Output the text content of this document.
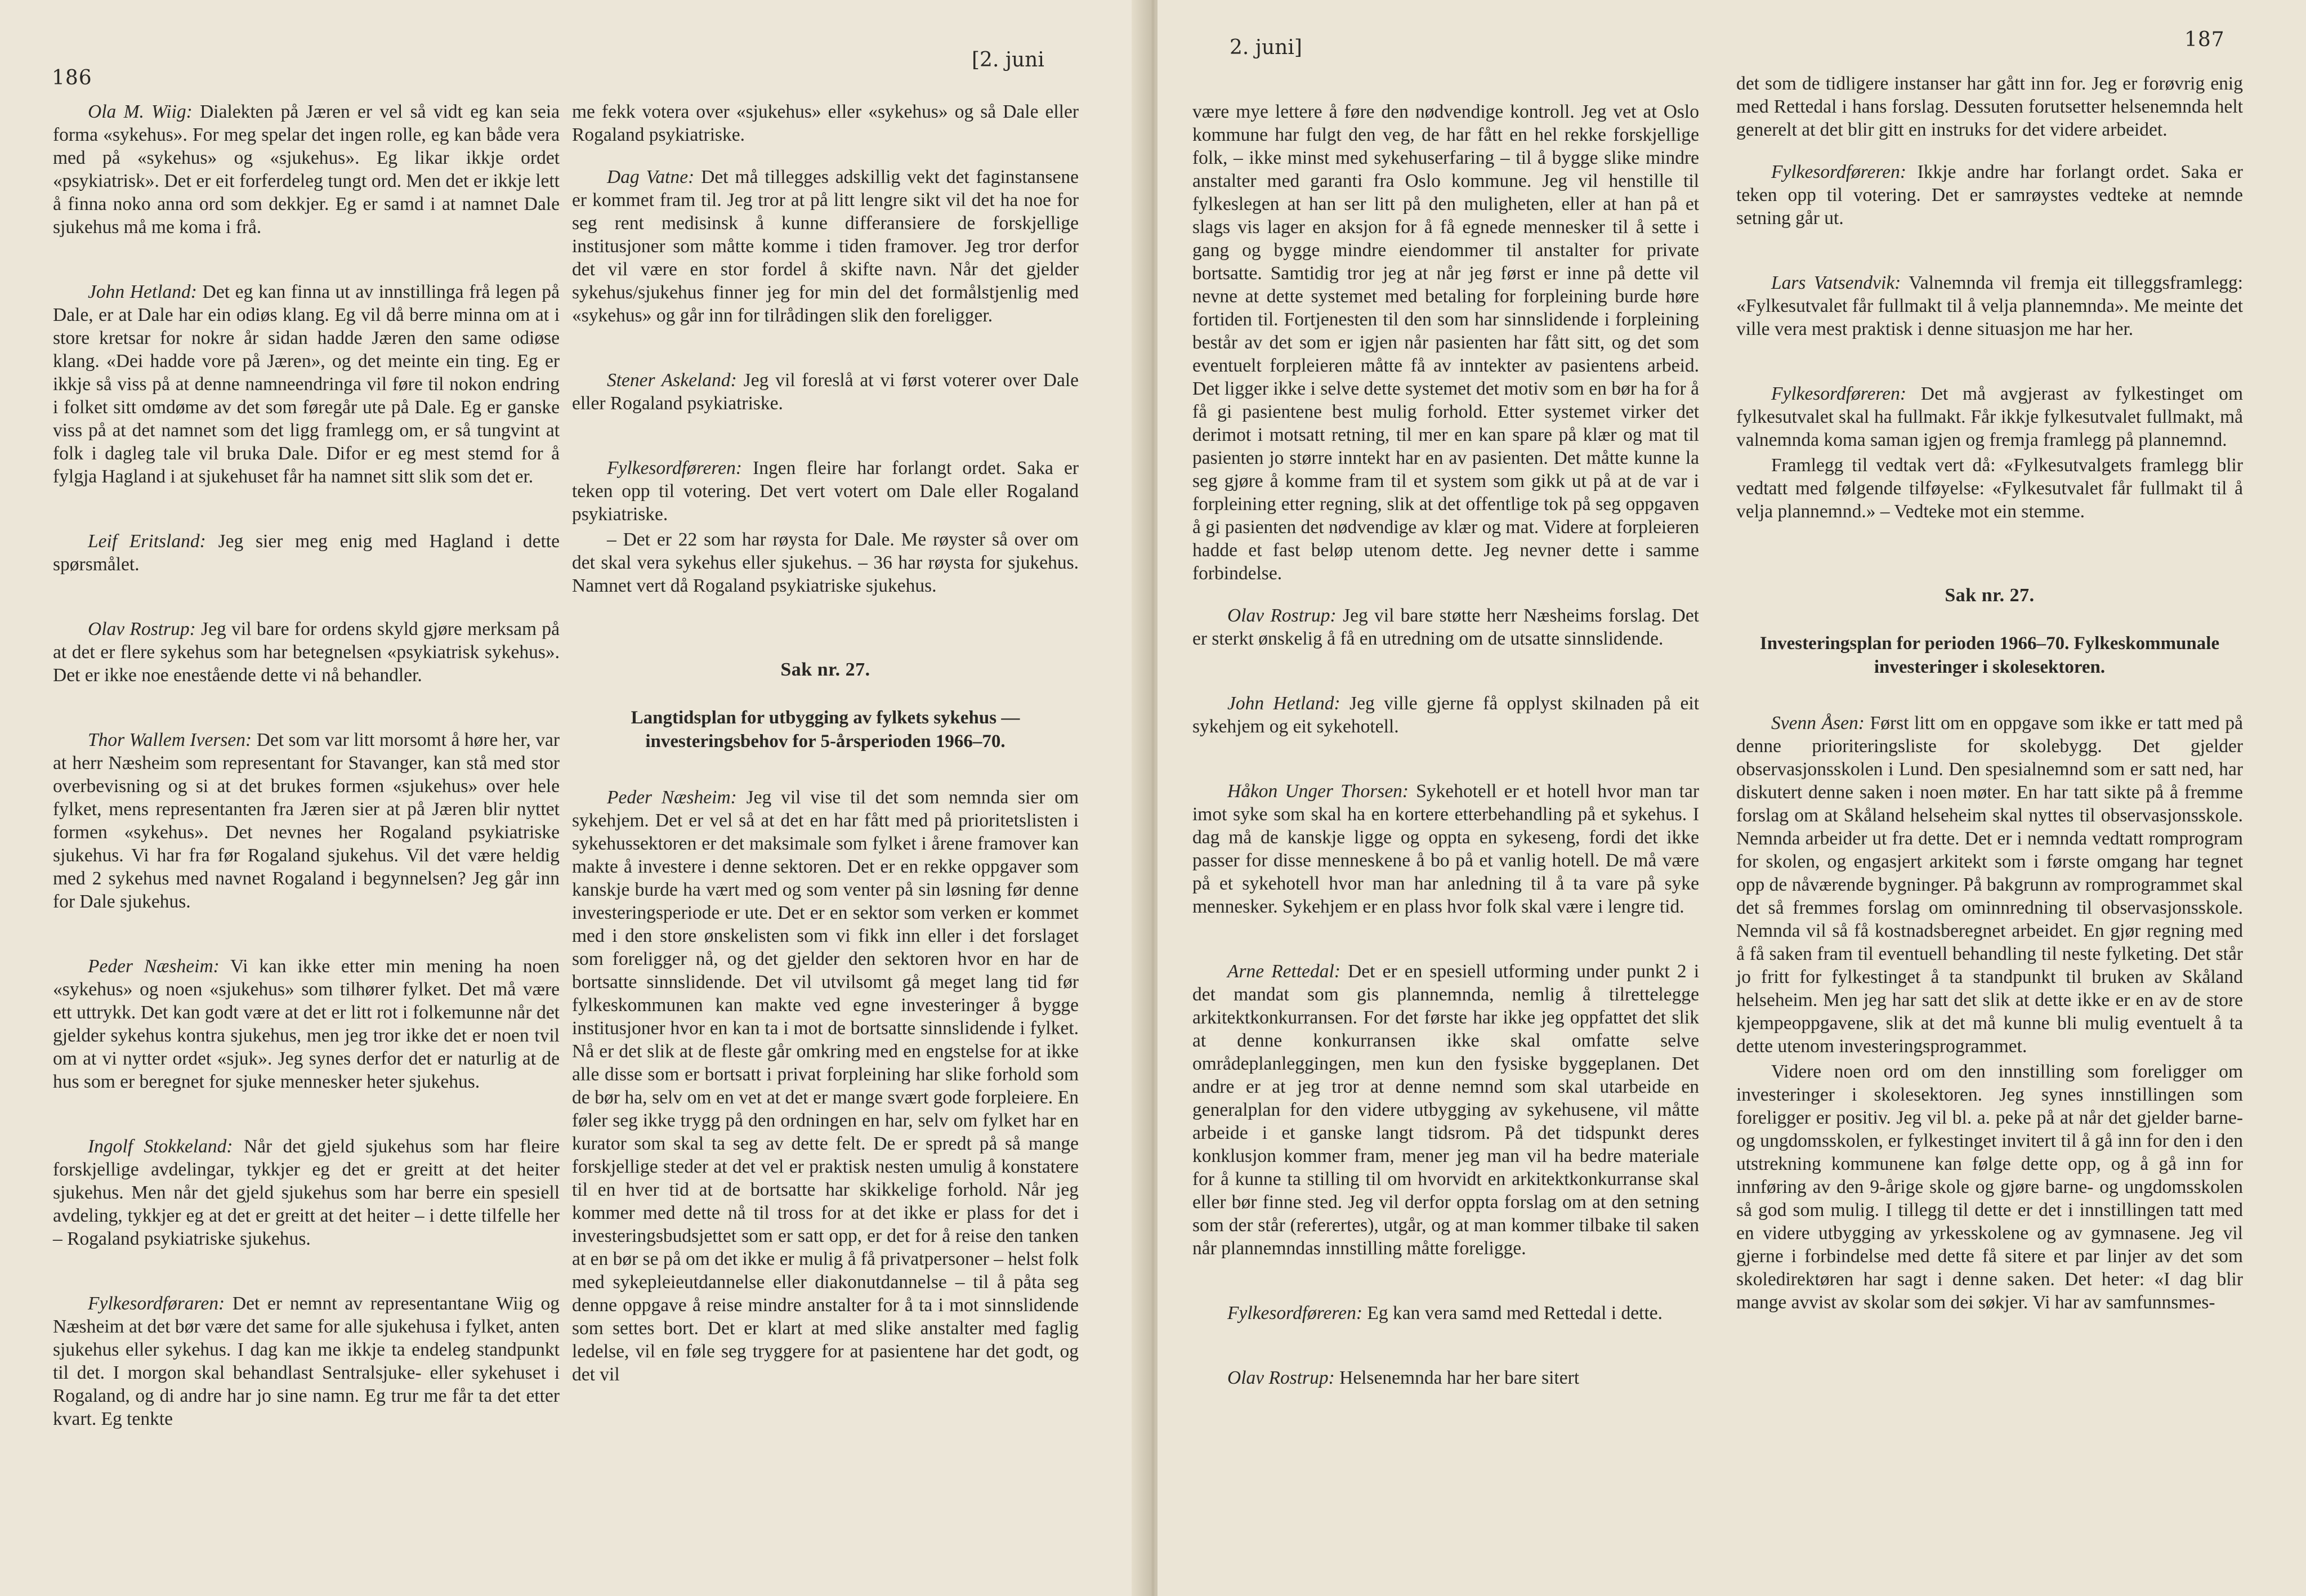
186
[2. juni

Ola M. Wiig: Dialekten på Jæren er vel så vidt eg kan seia forma «sykehus». For meg spelar det ingen rolle, eg kan både vera med på «sykehus» og «sjukehus». Eg likar ikkje ordet «psykiatrisk». Det er eit forferdeleg tungt ord. Men det er ikkje lett å finna noko anna ord som dekkjer. Eg er samd i at namnet Dale sjukehus må me koma i frå.

John Hetland: Det eg kan finna ut av innstillinga frå legen på Dale, er at Dale har ein odiøs klang. Eg vil då berre minna om at i store kretsar for nokre år sidan hadde Jæren den same odiøse klang. «Dei hadde vore på Jæren», og det meinte ein ting. Eg er ikkje så viss på at denne namneendringa vil føre til nokon endring i folket sitt omdøme av det som føregår ute på Dale. Eg er ganske viss på at det namnet som det ligg framlegg om, er så tungvint at folk i dagleg tale vil bruka Dale. Difor er eg mest stemd for å fylgja Hagland i at sjukehuset får ha namnet sitt slik som det er.

Leif Eritsland: Jeg sier meg enig med Hagland i dette spørsmålet.

Olav Rostrup: Jeg vil bare for ordens skyld gjøre merksam på at det er flere sykehus som har betegnelsen «psykiatrisk sykehus». Det er ikke noe enestående dette vi nå behandler.

Thor Wallem Iversen: Det som var litt morsomt å høre her, var at herr Næsheim som representant for Stavanger, kan stå med stor overbevisning og si at det brukes formen «sjukehus» over hele fylket, mens representanten fra Jæren sier at på Jæren blir nyttet formen «sykehus». Det nevnes her Rogaland psykiatriske sjukehus. Vi har fra før Rogaland sjukehus. Vil det være heldig med 2 sykehus med navnet Rogaland i begynnelsen? Jeg går inn for Dale sjukehus.

Peder Næsheim: Vi kan ikke etter min mening ha noen «sykehus» og noen «sjukehus» som tilhører fylket. Det må være ett uttrykk. Det kan godt være at det er litt rot i folkemunne når det gjelder sykehus kontra sjukehus, men jeg tror ikke det er noen tvil om at vi nytter ordet «sjuk». Jeg synes derfor det er naturlig at de hus som er beregnet for sjuke mennesker heter sjukehus.

Ingolf Stokkeland: Når det gjeld sjukehus som har fleire forskjellige avdelingar, tykkjer eg det er greitt at det heiter sjukehus. Men når det gjeld sjukehus som har berre ein spesiell avdeling, tykkjer eg at det er greitt at det heiter – i dette tilfelle her – Rogaland psykiatriske sjukehus.

Fylkesordføraren: Det er nemnt av representantane Wiig og Næsheim at det bør være det same for alle sjukehusa i fylket, anten sjukehus eller sykehus. I dag kan me ikkje ta endeleg standpunkt til det. I morgon skal behandlast Sentralsjuke- eller sykehuset i Rogaland, og di andre har jo sine namn. Eg trur me får ta det etter kvart. Eg tenkte

me fekk votera over «sjukehus» eller «sykehus» og så Dale eller Rogaland psykiatriske.

Dag Vatne: Det må tillegges adskillig vekt det faginstansene er kommet fram til. Jeg tror at på litt lengre sikt vil det ha noe for seg rent medisinsk å kunne differansiere de forskjellige institusjoner som måtte komme i tiden framover. Jeg tror derfor det vil være en stor fordel å skifte navn. Når det gjelder sykehus/sjukehus finner jeg for min del det formålstjenlig med «sykehus» og går inn for tilrådingen slik den foreligger.

Stener Askeland: Jeg vil foreslå at vi først voterer over Dale eller Rogaland psykiatriske.

Fylkesordføreren: Ingen fleire har forlangt ordet. Saka er teken opp til votering. Det vert votert om Dale eller Rogaland psykiatriske.

– Det er 22 som har røysta for Dale. Me røyster så over om det skal vera sykehus eller sjukehus. – 36 har røysta for sjukehus. Namnet vert då Rogaland psykiatriske sjukehus.

Sak nr. 27.
Langtidsplan for utbygging av fylkets sykehus — investeringsbehov for 5-årsperioden 1966–70.

Peder Næsheim: Jeg vil vise til det som nemnda sier om sykehjem. Det er vel så at det en har fått med på prioritetslisten i sykehussektoren er det maksimale som fylket i årene framover kan makte å investere i denne sektoren. Det er en rekke oppgaver som kanskje burde ha vært med og som venter på sin løsning før denne investeringsperiode er ute. Det er en sektor som verken er kommet med i den store ønskelisten som vi fikk inn eller i det forslaget som foreligger nå, og det gjelder den sektoren hvor en har de bortsatte sinnslidende. Det vil utvilsomt gå meget lang tid før fylkeskommunen kan makte ved egne investeringer å bygge institusjoner hvor en kan ta i mot de bortsatte sinnslidende i fylket. Nå er det slik at de fleste går omkring med en engstelse for at ikke alle disse som er bortsatt i privat forpleining har slike forhold som de bør ha, selv om en vet at det er mange svært gode forpleiere. En føler seg ikke trygg på den ordningen en har, selv om fylket har en kurator som skal ta seg av dette felt. De er spredt på så mange forskjellige steder at det vel er praktisk nesten umulig å konstatere til en hver tid at de bortsatte har skikkelige forhold. Når jeg kommer med dette nå til tross for at det ikke er plass for det i investeringsbudsjettet som er satt opp, er det for å reise den tanken at en bør se på om det ikke er mulig å få privatpersoner – helst folk med sykepleieutdannelse eller diakonutdannelse – til å påta seg denne oppgave å reise mindre anstalter for å ta i mot sinnslidende som settes bort. Det er klart at med slike anstalter med faglig ledelse, vil en føle seg tryggere for at pasientene har det godt, og det vil

187
2. juni]

være mye lettere å føre den nødvendige kontroll. Jeg vet at Oslo kommune har fulgt den veg, de har fått en hel rekke forskjellige folk, – ikke minst med sykehuserfaring – til å bygge slike mindre anstalter med garanti fra Oslo kommune. Jeg vil henstille til fylkeslegen at han ser litt på den muligheten, eller at han på et slags vis lager en aksjon for å få egnede mennesker til å sette i gang og bygge mindre eiendommer til anstalter for private bortsatte. Samtidig tror jeg at når jeg først er inne på dette vil nevne at dette systemet med betaling for forpleining burde høre fortiden til. Fortjenesten til den som har sinnslidende i forpleining består av det som er igjen når pasienten har fått sitt, og det som eventuelt forpleieren måtte få av inntekter av pasientens arbeid. Det ligger ikke i selve dette systemet det motiv som en bør ha for å få gi pasientene best mulig forhold. Etter systemet virker det derimot i motsatt retning, til mer en kan spare på klær og mat til pasienten jo større inntekt har en av pasienten. Det måtte kunne la seg gjøre å komme fram til et system som gikk ut på at de var i forpleining etter regning, slik at det offentlige tok på seg oppgaven å gi pasienten det nødvendige av klær og mat. Videre at forpleieren hadde et fast beløp utenom dette. Jeg nevner dette i samme forbindelse.

Olav Rostrup: Jeg vil bare støtte herr Næsheims forslag. Det er sterkt ønskelig å få en utredning om de utsatte sinnslidende.

John Hetland: Jeg ville gjerne få opplyst skilnaden på eit sykehjem og eit sykehotell.

Håkon Unger Thorsen: Sykehotell er et hotell hvor man tar imot syke som skal ha en kortere etterbehandling på et sykehus. I dag må de kanskje ligge og oppta en sykeseng, fordi det ikke passer for disse menneskene å bo på et vanlig hotell. De må være på et sykehotell hvor man har anledning til å ta vare på syke mennesker. Sykehjem er en plass hvor folk skal være i lengre tid.

Arne Rettedal: Det er en spesiell utforming under punkt 2 i det mandat som gis plannemnda, nemlig å tilrettelegge arkitektkonkurransen. For det første har ikke jeg oppfattet det slik at denne konkurransen ikke skal omfatte selve områdeplanleggingen, men kun den fysiske byggeplanen. Det andre er at jeg tror at denne nemnd som skal utarbeide en generalplan for den videre utbygging av sykehusene, vil måtte arbeide i et ganske langt tidsrom. På det tidspunkt deres konklusjon kommer fram, mener jeg man vil ha bedre materiale for å kunne ta stilling til om hvorvidt en arkitektkonkurranse skal eller bør finne sted. Jeg vil derfor oppta forslag om at den setning som der står (referertes), utgår, og at man kommer tilbake til saken når plannemndas innstilling måtte foreligge.

Fylkesordføreren: Eg kan vera samd med Rettedal i dette.

Olav Rostrup: Helsenemnda har her bare sitert

det som de tidligere instanser har gått inn for. Jeg er forøvrig enig med Rettedal i hans forslag. Dessuten forutsetter helsenemnda helt generelt at det blir gitt en instruks for det videre arbeidet.

Fylkesordføreren: Ikkje andre har forlangt ordet. Saka er teken opp til votering. Det er samrøystes vedteke at nemnde setning går ut.

Lars Vatsendvik: Valnemnda vil fremja eit tilleggsframlegg: «Fylkesutvalet får fullmakt til å velja plannemnda». Me meinte det ville vera mest praktisk i denne situasjon me har her.

Fylkesordføreren: Det må avgjerast av fylkestinget om fylkesutvalet skal ha fullmakt. Får ikkje fylkesutvalet fullmakt, må valnemnda koma saman igjen og fremja framlegg på plannemnd.

Framlegg til vedtak vert då: «Fylkesutvalgets framlegg blir vedtatt med følgende tilføyelse: «Fylkesutvalet får fullmakt til å velja plannemnd.» – Vedteke mot ein stemme.

Sak nr. 27.
Investeringsplan for perioden 1966–70. Fylkeskommunale investeringer i skolesektoren.

Svenn Åsen: Først litt om en oppgave som ikke er tatt med på denne prioriteringsliste for skolebygg. Det gjelder observasjonsskolen i Lund. Den spesialnemnd som er satt ned, har diskutert denne saken i noen møter. En har tatt sikte på å fremme forslag om at Skåland helseheim skal nyttes til observasjonsskole. Nemnda arbeider ut fra dette. Det er i nemnda vedtatt romprogram for skolen, og engasjert arkitekt som i første omgang har tegnet opp de nåværende bygninger. På bakgrunn av romprogrammet skal det så fremmes forslag om ominnredning til observasjonsskole. Nemnda vil så få kostnadsberegnet arbeidet. En gjør regning med å få saken fram til eventuell behandling til neste fylketing. Det står jo fritt for fylkestinget å ta standpunkt til bruken av Skåland helseheim. Men jeg har satt det slik at dette ikke er en av de store kjempeoppgavene, slik at det må kunne bli mulig eventuelt å ta dette utenom investeringsprogrammet.

Videre noen ord om den innstilling som foreligger om investeringer i skolesektoren. Jeg synes innstillingen som foreligger er positiv. Jeg vil bl. a. peke på at når det gjelder barne- og ungdomsskolen, er fylkestinget invitert til å gå inn for den i den utstrekning kommunene kan følge dette opp, og å gå inn for innføring av den 9-årige skole og gjøre barne- og ungdomsskolen så god som mulig. I tillegg til dette er det i innstillingen tatt med en videre utbygging av yrkesskolene og av gymnasene. Jeg vil gjerne i forbindelse med dette få sitere et par linjer av det som skoledirektøren har sagt i denne saken. Det heter: «I dag blir mange avvist av skolar som dei søkjer. Vi har av samfunnsmes-
